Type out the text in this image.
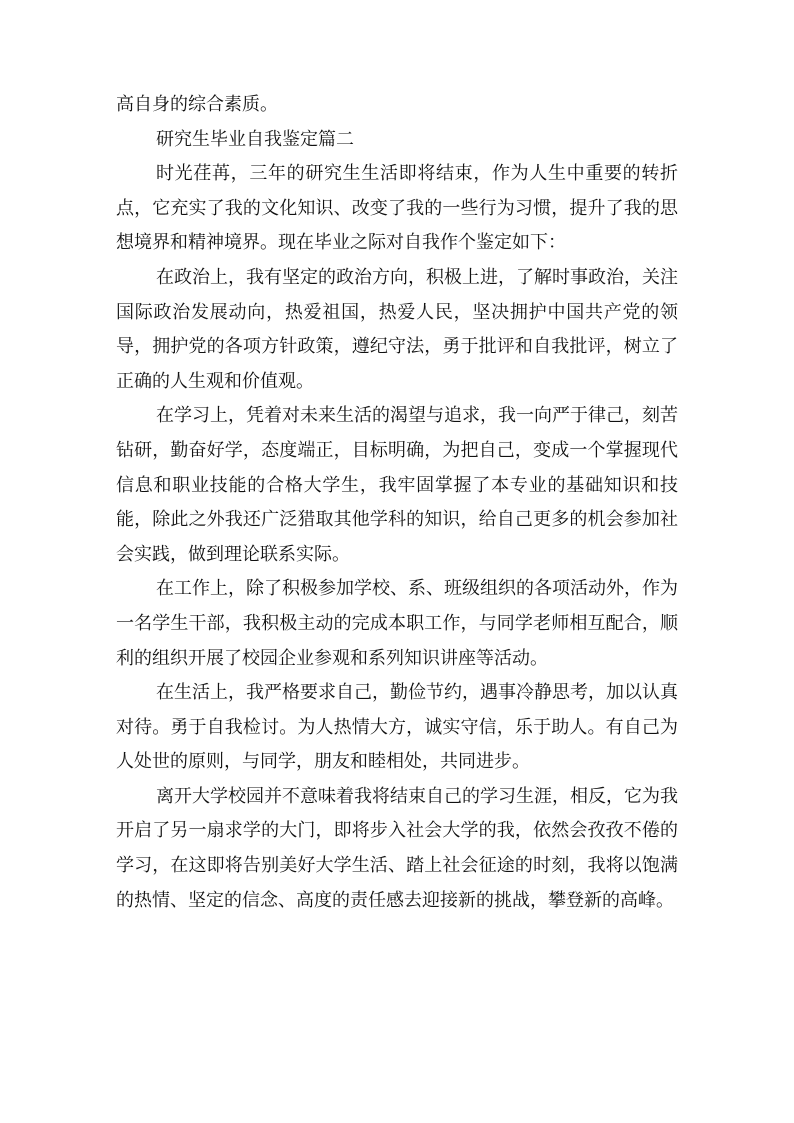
高自身的综合素质。

研究生毕业自我鉴定篇二

时光荏苒，三年的研究生生活即将结束，作为人生中重要的转折点，它充实了我的文化知识、改变了我的一些行为习惯，提升了我的思想境界和精神境界。现在毕业之际对自我作个鉴定如下：

在政治上，我有坚定的政治方向，积极上进，了解时事政治，关注国际政治发展动向，热爱祖国，热爱人民，坚决拥护中国共产党的领导，拥护党的各项方针政策，遵纪守法，勇于批评和自我批评，树立了正确的人生观和价值观。

在学习上，凭着对未来生活的渴望与追求，我一向严于律己，刻苦钻研，勤奋好学，态度端正，目标明确，为把自己，变成一个掌握现代信息和职业技能的合格大学生，我牢固掌握了本专业的基础知识和技能，除此之外我还广泛猎取其他学科的知识，给自己更多的机会参加社会实践，做到理论联系实际。

在工作上，除了积极参加学校、系、班级组织的各项活动外，作为一名学生干部，我积极主动的完成本职工作，与同学老师相互配合，顺利的组织开展了校园企业参观和系列知识讲座等活动。

在生活上，我严格要求自己，勤俭节约，遇事冷静思考，加以认真对待。勇于自我检讨。为人热情大方，诚实守信，乐于助人。有自己为人处世的原则，与同学，朋友和睦相处，共同进步。

离开大学校园并不意味着我将结束自己的学习生涯，相反，它为我开启了另一扇求学的大门，即将步入社会大学的我，依然会孜孜不倦的学习，在这即将告别美好大学生活、踏上社会征途的时刻，我将以饱满的热情、坚定的信念、高度的责任感去迎接新的挑战，攀登新的高峰。
